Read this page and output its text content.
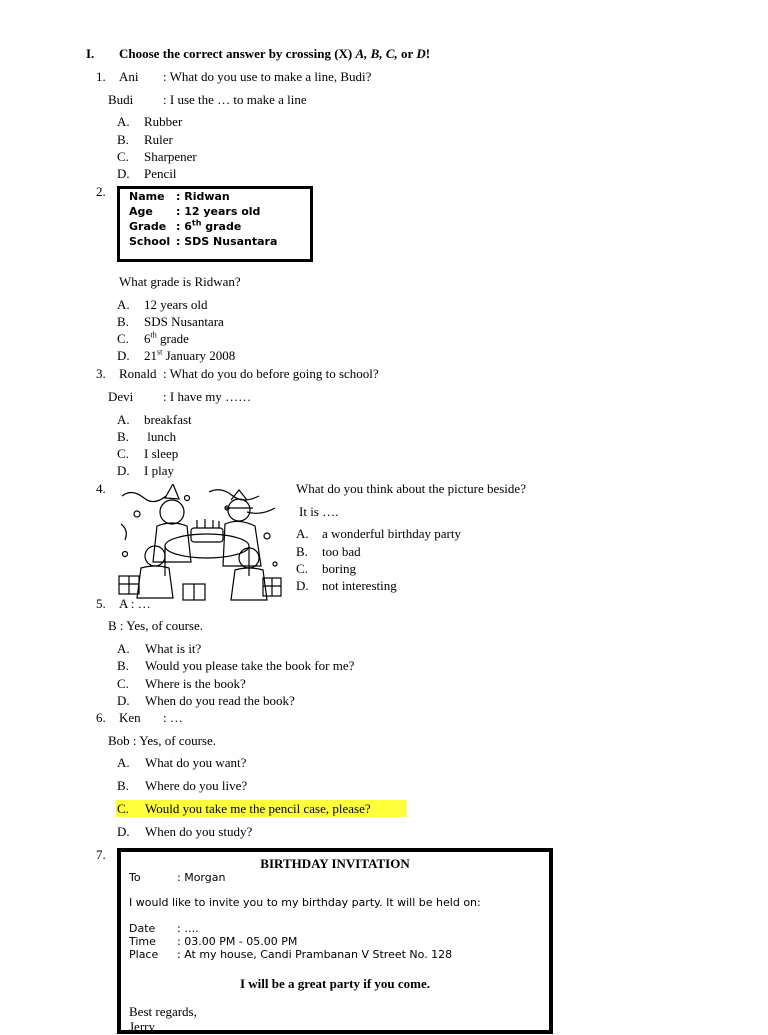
I. Choose the correct answer by crossing (X) A, B, C, or D!
1. Ani : What do you use to make a line, Budi?
Budi : I use the … to make a line
A. Rubber
B. Ruler
C. Sharpener
D. Pencil
2. Name : Ridwan
Age : 12 years old
Grade : 6th grade
School : SDS Nusantara
What grade is Ridwan?
A. 12 years old
B. SDS Nusantara
C. 6th grade
D. 21st January 2008
3. Ronald : What do you do before going to school?
Devi : I have my ……
A. breakfast
B. lunch
C. I sleep
D. I play
4.	What do you think about the picture beside?
It is ….
A. a wonderful birthday party
B. too bad
C. boring
D. not interesting
5. A : …
B : Yes, of course.
A. What is it?
B. Would you please take the book for me?
C. Where is the book?
D. When do you read the book?
6. Ken : …
Bob : Yes, of course.
A. What do you want?
B. Where do you live?
C. Would you take me the pencil case, please?
D. When do you study?
7.
BIRTHDAY INVITATION
To	: Morgan
I would like to invite you to my birthday party. It will be held on:
Date : ….
Time : 03.00 PM - 05.00 PM
Place : At my house, Candi Prambanan V Street No. 128
I will be a great party if you come.
Best regards,
Jerry
